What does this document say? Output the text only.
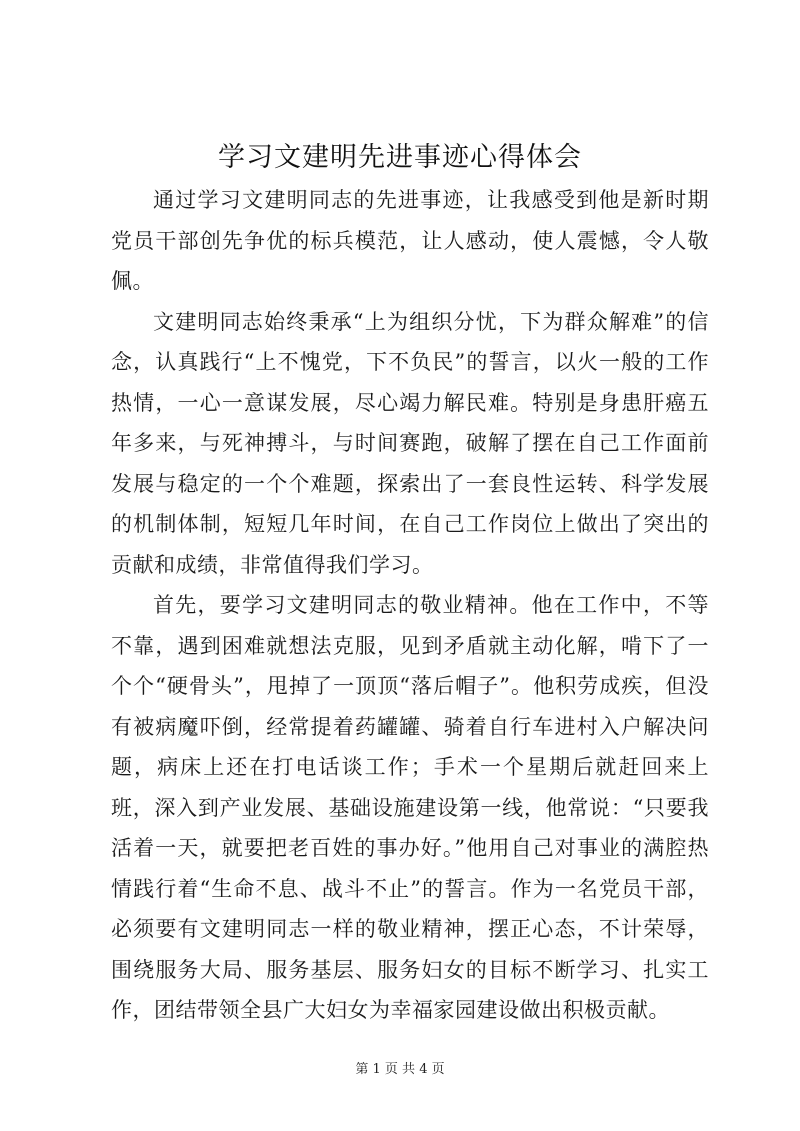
学习文建明先进事迹心得体会

通过学习文建明同志的先进事迹，让我感受到他是新时期党员干部创先争优的标兵模范，让人感动，使人震憾，令人敬佩。

文建明同志始终秉承“上为组织分忧，下为群众解难”的信念，认真践行“上不愧党，下不负民”的誓言，以火一般的工作热情，一心一意谋发展，尽心竭力解民难。特别是身患肝癌五年多来，与死神搏斗，与时间赛跑，破解了摆在自己工作面前发展与稳定的一个个难题，探索出了一套良性运转、科学发展的机制体制，短短几年时间，在自己工作岗位上做出了突出的贡献和成绩，非常值得我们学习。

首先，要学习文建明同志的敬业精神。他在工作中，不等不靠，遇到困难就想法克服，见到矛盾就主动化解，啃下了一个个“硬骨头”，甩掉了一顶顶“落后帽子”。他积劳成疾，但没有被病魔吓倒，经常提着药罐罐、骑着自行车进村入户解决问题，病床上还在打电话谈工作；手术一个星期后就赶回来上班，深入到产业发展、基础设施建设第一线，他常说：“只要我活着一天，就要把老百姓的事办好。”他用自己对事业的满腔热情践行着“生命不息、战斗不止”的誓言。作为一名党员干部，必须要有文建明同志一样的敬业精神，摆正心态，不计荣辱，围绕服务大局、服务基层、服务妇女的目标不断学习、扎实工作，团结带领全县广大妇女为幸福家园建设做出积极贡献。

第 1 页 共 4 页
